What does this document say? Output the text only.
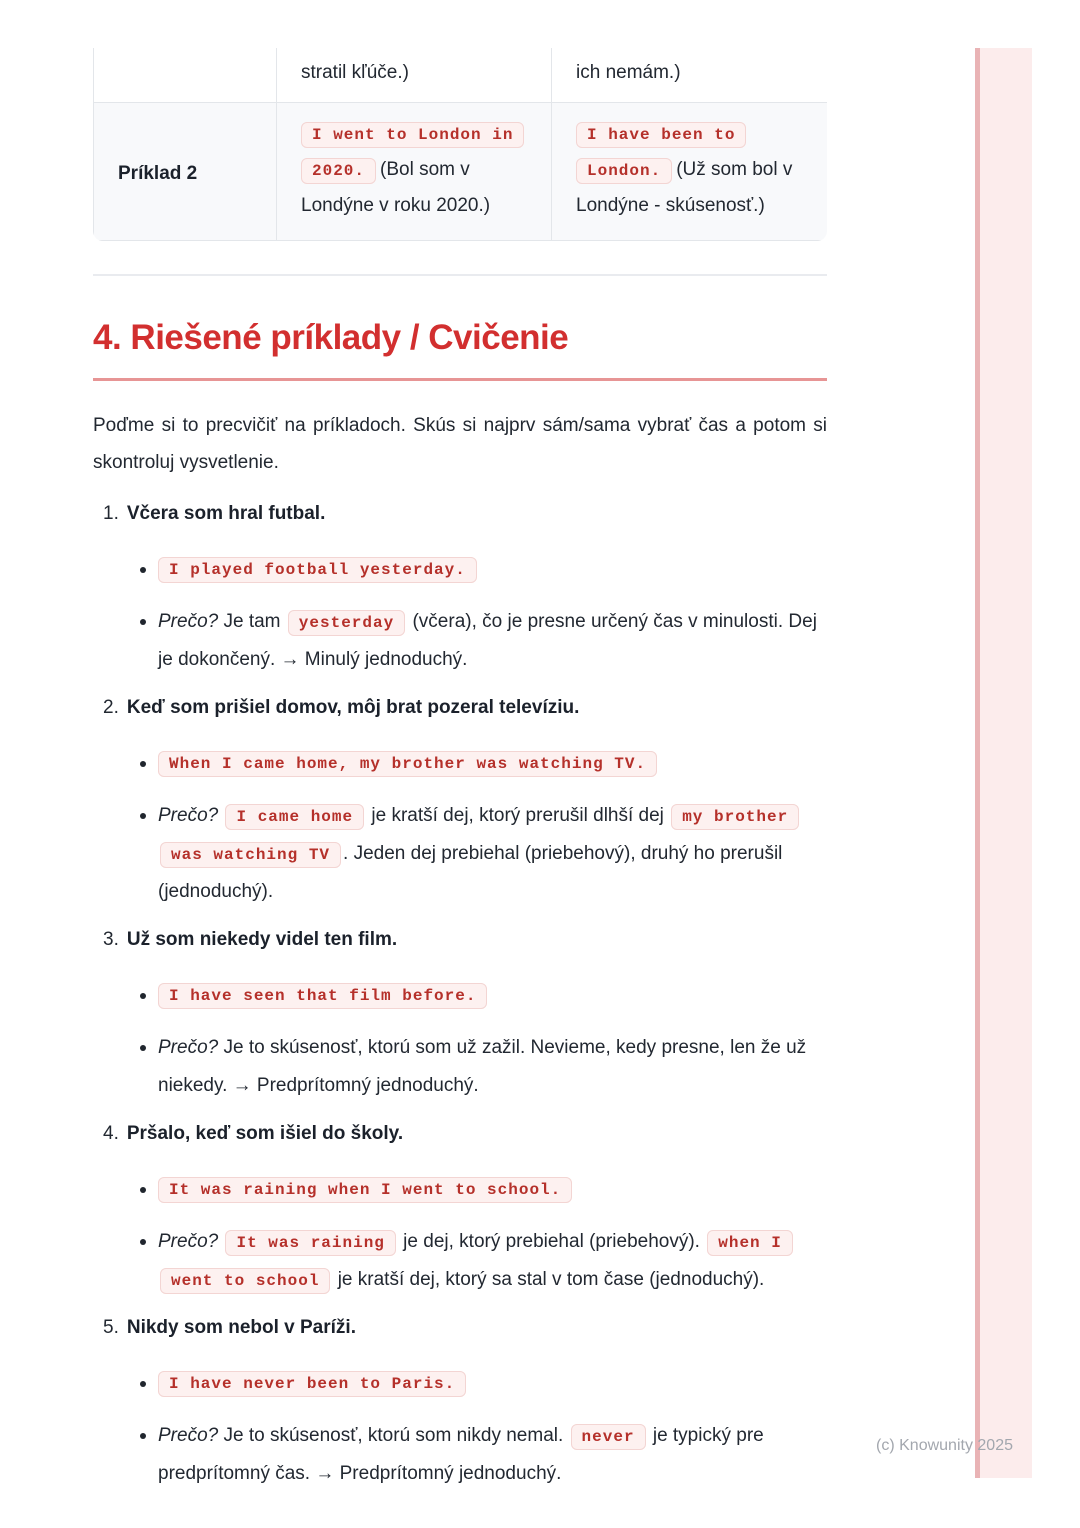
	stratil kľúče.)	ich nemám.)
Príklad 2	I went to London in 2020. (Bol som v Londýne v roku 2020.)	I have been to London. (Už som bol v Londýne - skúsenosť.)
4. Riešené príklady / Cvičenie

Poďme si to precvičiť na príkladoch. Skús si najprv sám/sama vybrať čas a potom si skontroluj vysvetlenie.

1. Včera som hral futbal.
I played football yesterday.
Prečo? Je tam yesterday (včera), čo je presne určený čas v minulosti. Dej je dokončený. → Minulý jednoduchý.
2. Keď som prišiel domov, môj brat pozeral televíziu.
When I came home, my brother was watching TV.
Prečo? I came home je kratší dej, ktorý prerušil dlhší dej my brother was watching TV . Jeden dej prebiehal (priebehový), druhý ho prerušil (jednoduchý).
3. Už som niekedy videl ten film.
I have seen that film before.
Prečo? Je to skúsenosť, ktorú som už zažil. Nevieme, kedy presne, len že už niekedy. → Predprítomný jednoduchý.
4. Pršalo, keď som išiel do školy.
It was raining when I went to school.
Prečo? It was raining je dej, ktorý prebiehal (priebehový). when I went to school je kratší dej, ktorý sa stal v tom čase (jednoduchý).
5. Nikdy som nebol v Paríži.
I have never been to Paris.
Prečo? Je to skúsenosť, ktorú som nikdy nemal. never je typický pre predprítomný čas. → Predprítomný jednoduchý.
(c) Knowunity 2025
